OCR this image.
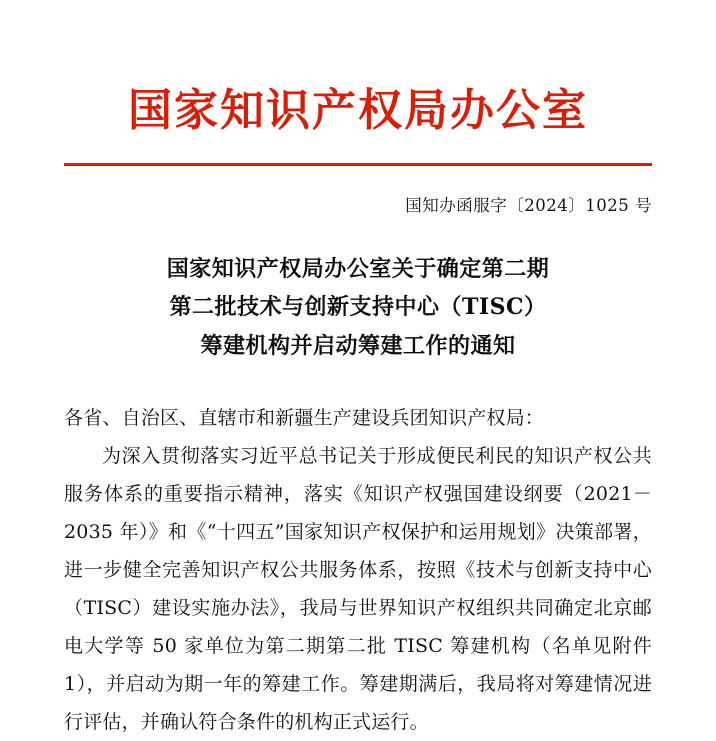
国家知识产权局办公室
国知办函服字〔2024〕1025 号
国家知识产权局办公室关于确定第二期
第二批技术与创新支持中心（TISC）
筹建机构并启动筹建工作的通知

各省、自治区、直辖市和新疆生产建设兵团知识产权局：

为深入贯彻落实习近平总书记关于形成便民利民的知识产权公共服务体系的重要指示精神，落实《知识产权强国建设纲要（2021－2035 年）》和《“十四五”国家知识产权保护和运用规划》决策部署，进一步健全完善知识产权公共服务体系，按照《技术与创新支持中心（TISC）建设实施办法》，我局与世界知识产权组织共同确定北京邮电大学等 50 家单位为第二期第二批 TISC 筹建机构（名单见附件 1），并启动为期一年的筹建工作。筹建期满后，我局将对筹建情况进行评估，并确认符合条件的机构正式运行。
